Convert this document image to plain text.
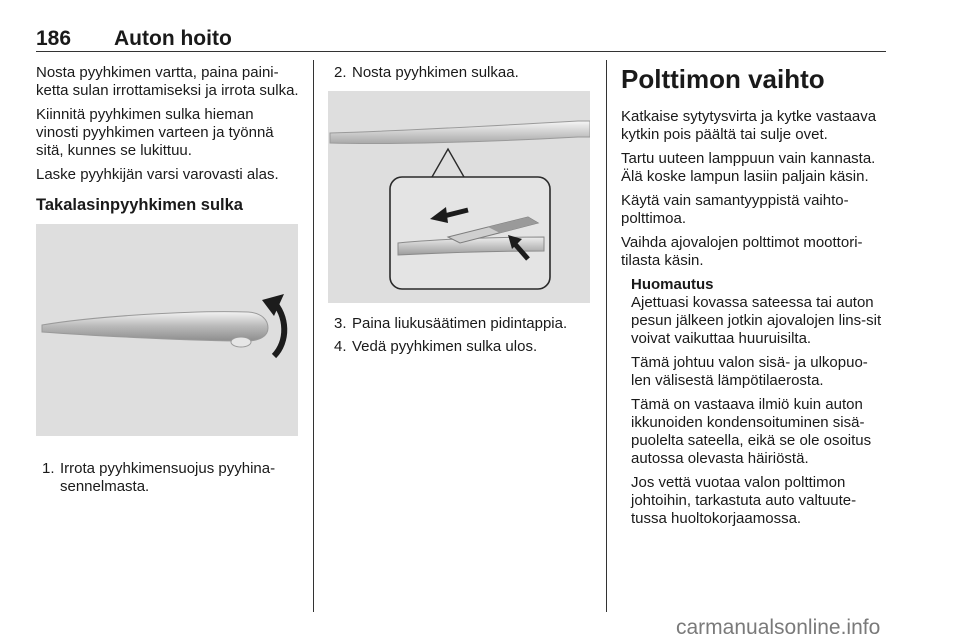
186 Auton hoito

Nosta pyyhkimen vartta, paina paini-ketta sulan irrottamiseksi ja irrota sulka.

Kiinnitä pyyhkimen sulka hieman vinosti pyyhkimen varteen ja työnnä sitä, kunnes se lukittuu.

Laske pyyhkijän varsi varovasti alas.

Takalasinpyyhkimen sulka
1. Irrota pyyhkimensuojus pyyhina-sennelmasta.
2. Nosta pyyhkimen sulkaa.
3. Paina liukusäätimen pidintappia.
4. Vedä pyyhkimen sulka ulos.
Polttimon vaihto

Katkaise sytytysvirta ja kytke vastaava kytkin pois päältä tai sulje ovet.

Tartu uuteen lamppuun vain kannasta. Älä koske lampun lasiin paljain käsin.

Käytä vain samantyyppistä vaihto-polttimoa.

Vaihda ajovalojen polttimot moottori-tilasta käsin.

Huomautus

Ajettuasi kovassa sateessa tai auton pesun jälkeen jotkin ajovalojen lins-sit voivat vaikuttaa huuruisilta.

Tämä johtuu valon sisä- ja ulkopuo-len välisestä lämpötilaerosta.

Tämä on vastaava ilmiö kuin auton ikkunoiden kondensoituminen sisä-puolelta sateella, eikä se ole osoitus autossa olevasta häiriöstä.

Jos vettä vuotaa valon polttimon johtoihin, tarkastuta auto valtuute-tussa huoltokorjaamossa.

carmanualsonline.info
